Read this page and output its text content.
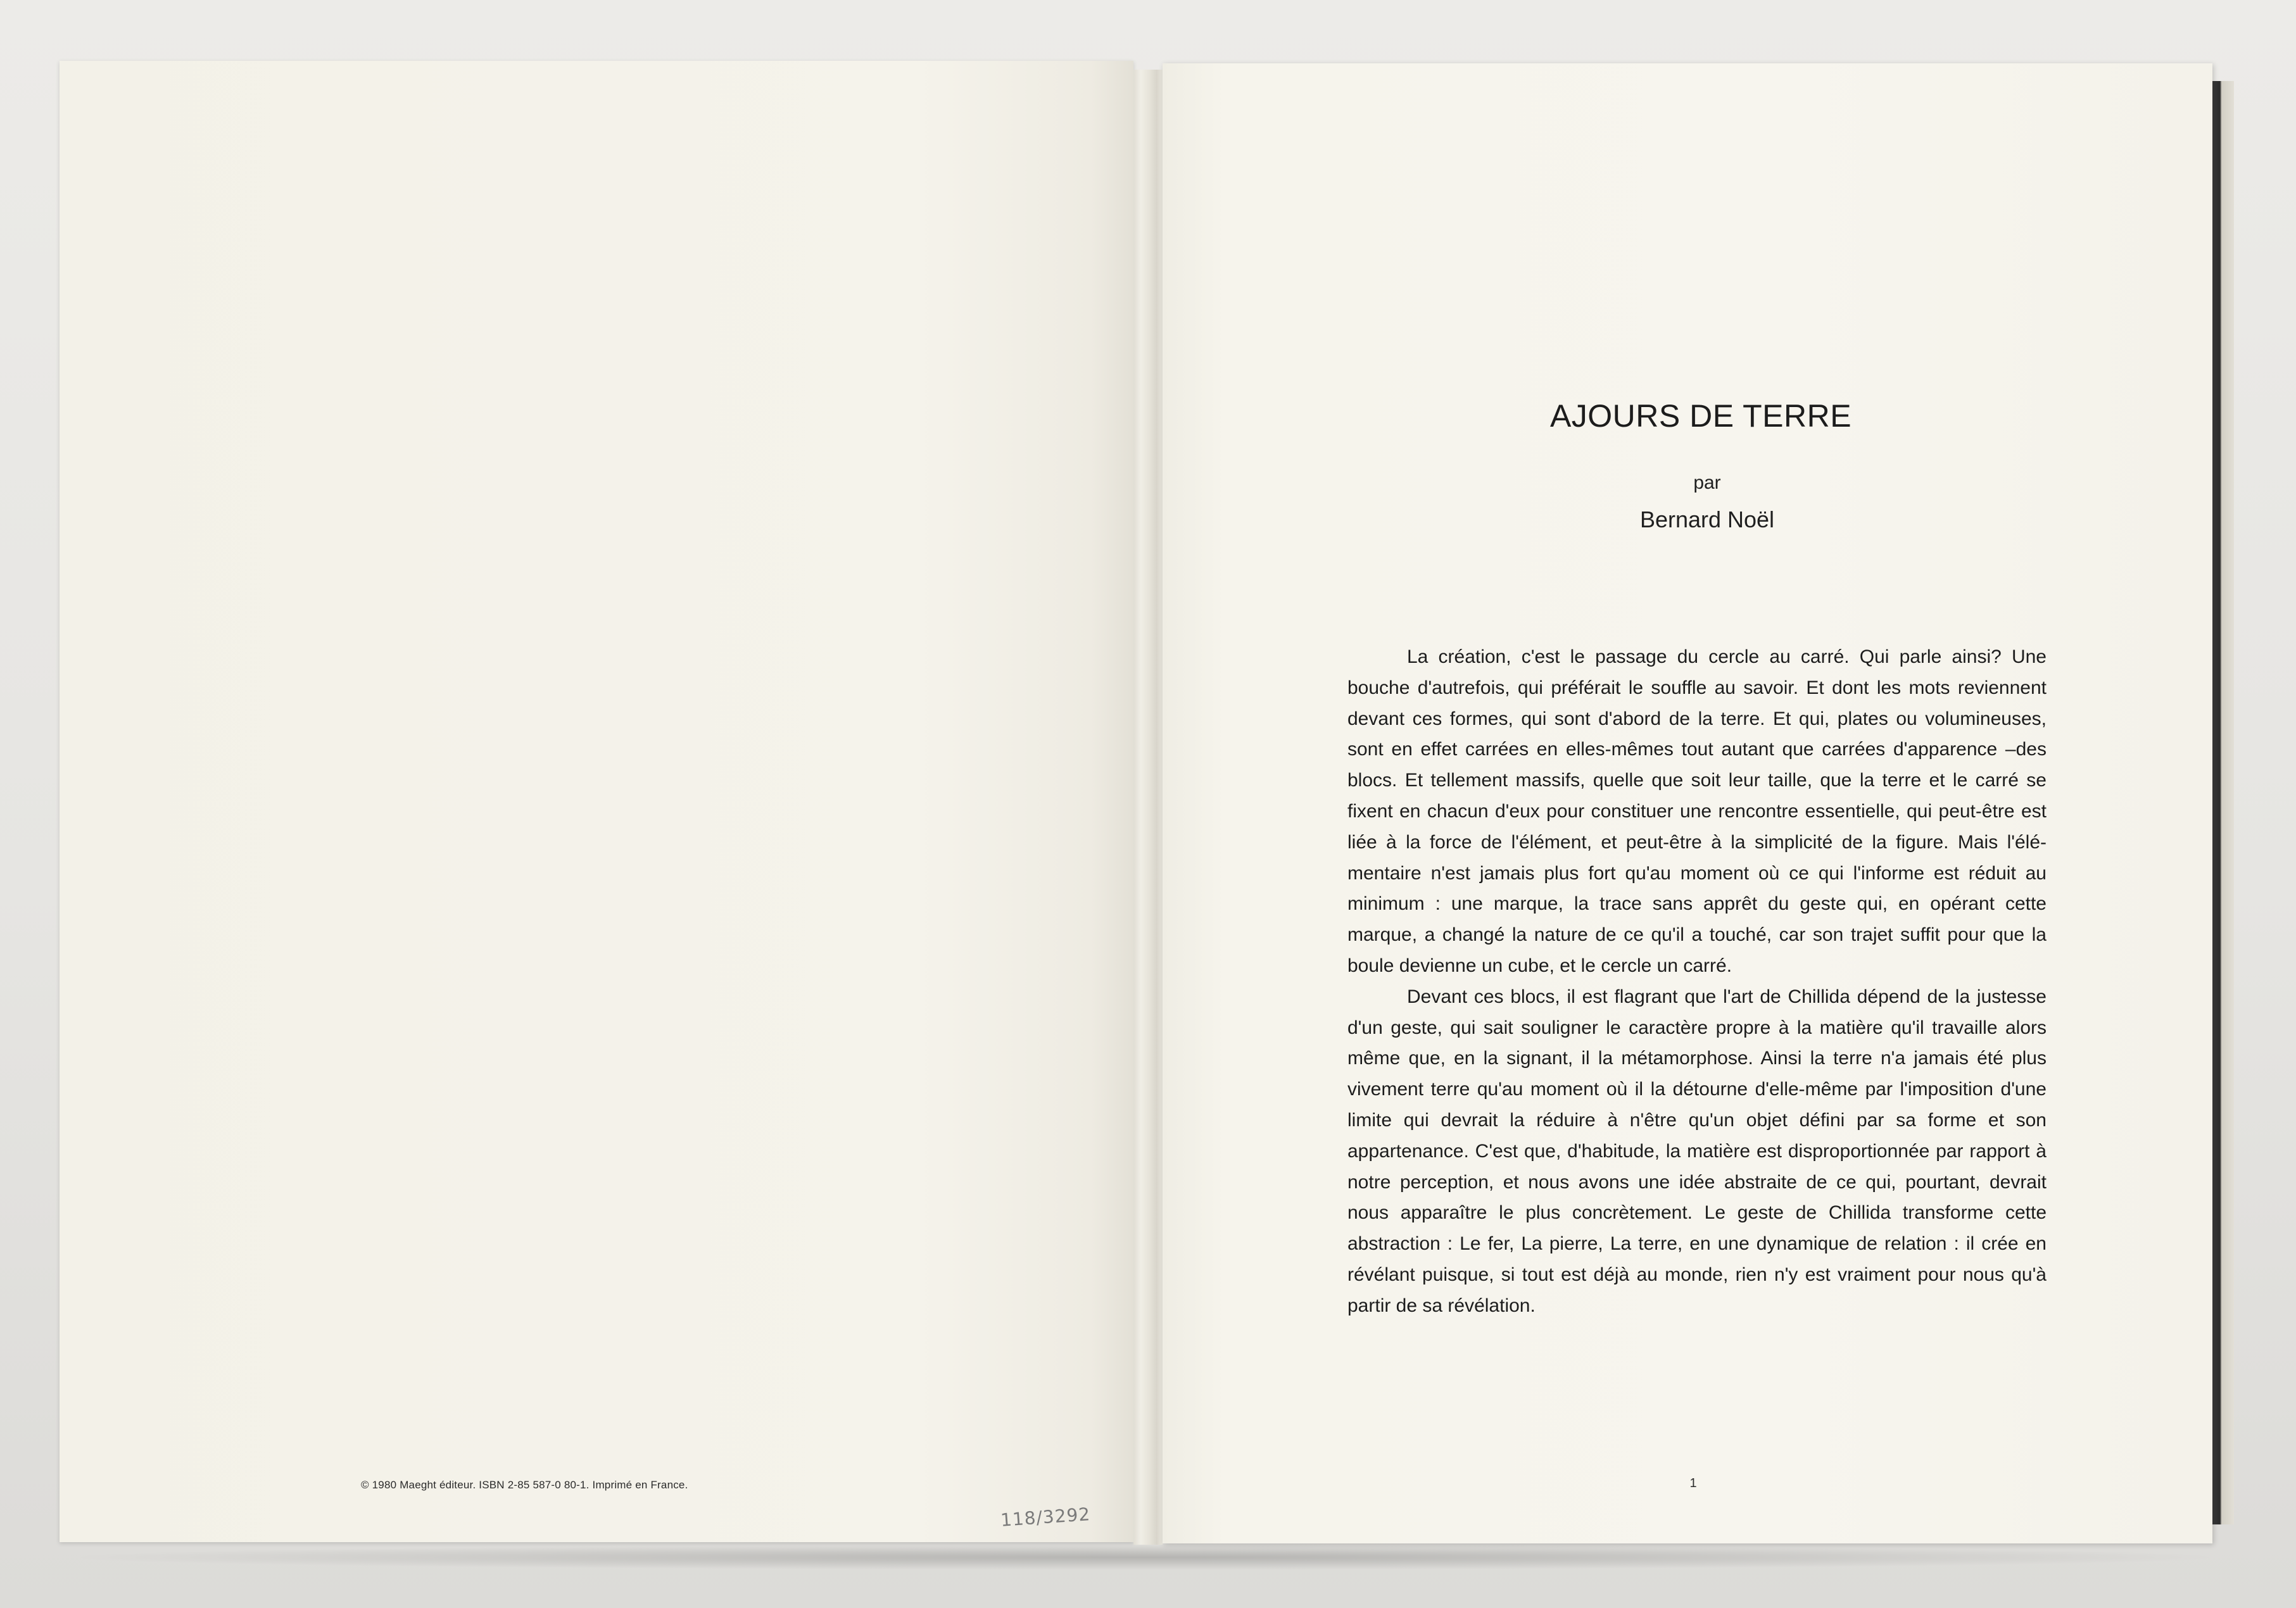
© 1980 Maeght éditeur. ISBN 2-85 587-0 80-1. Imprimé en France.
118/3292
AJOURS DE TERRE
par
Bernard Noël

La création, c'est le passage du cercle au carré. Qui parle ainsi? Une bouche d'autrefois, qui préférait le souffle au savoir. Et dont les mots reviennent devant ces formes, qui sont d'abord de la terre. Et qui, plates ou volumineuses, sont en effet carrées en elles-mêmes tout autant que carrées d'apparence –des blocs. Et tellement massifs, quelle que soit leur taille, que la terre et le carré se fixent en chacun d'eux pour constituer une rencontre essentielle, qui peut-être est liée à la force de l'élément, et peut-être à la simplicité de la figure. Mais l'élé-mentaire n'est jamais plus fort qu'au moment où ce qui l'informe est réduit au minimum : une marque, la trace sans apprêt du geste qui, en opérant cette marque, a changé la nature de ce qu'il a touché, car son trajet suffit pour que la boule devienne un cube, et le cercle un carré.

Devant ces blocs, il est flagrant que l'art de Chillida dépend de la justesse d'un geste, qui sait souligner le caractère propre à la matière qu'il travaille alors même que, en la signant, il la métamorphose. Ainsi la terre n'a jamais été plus vivement terre qu'au moment où il la détourne d'elle-même par l'imposition d'une limite qui devrait la réduire à n'être qu'un objet défini par sa forme et son appartenance. C'est que, d'habitude, la matière est disproportionnée par rapport à notre perception, et nous avons une idée abstraite de ce qui, pourtant, devrait nous apparaître le plus concrètement. Le geste de Chillida transforme cette abstraction : Le fer, La pierre, La terre, en une dynamique de relation : il crée en révélant puisque, si tout est déjà au monde, rien n'y est vraiment pour nous qu'à partir de sa révélation.

1
